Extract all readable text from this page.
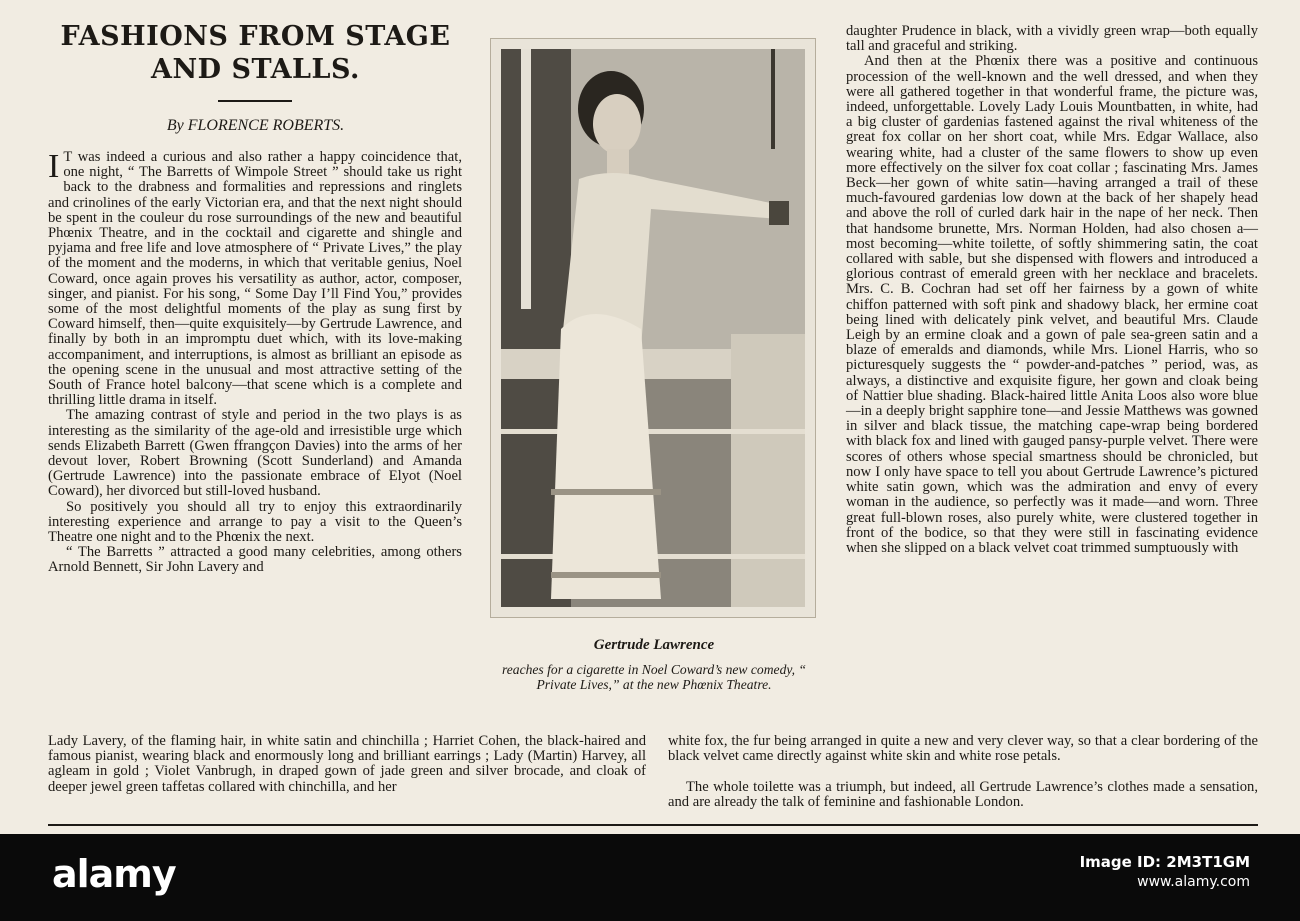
FASHIONS FROM STAGE AND STALLS.
By FLORENCE ROBERTS.

I T was indeed a curious and also rather a happy coincidence that, one night, “ The Barretts of Wimpole Street ” should take us right back to the drabness and formalities and repressions and ringlets and crinolines of the early Victorian era, and that the next night should be spent in the couleur du rose surroundings of the new and beautiful Phœnix Theatre, and in the cocktail and cigarette and shingle and pyjama and free life and love atmosphere of “ Private Lives,” the play of the moment and the moderns, in which that veritable genius, Noel Coward, once again proves his versatility as author, actor, composer, singer, and pianist. For his song, “ Some Day I’ll Find You,” provides some of the most delightful moments of the play as sung first by Coward himself, then—quite exquisitely—by Gertrude Lawrence, and finally by both in an impromptu duet which, with its love-making accompaniment, and interruptions, is almost as brilliant an episode as the opening scene in the unusual and most attractive setting of the South of France hotel balcony—that scene which is a complete and thrilling little drama in itself.

The amazing contrast of style and period in the two plays is as interesting as the similarity of the age-old and irresistible urge which sends Elizabeth Barrett (Gwen ffrangçon Davies) into the arms of her devout lover, Robert Browning (Scott Sunderland) and Amanda (Gertrude Lawrence) into the passionate embrace of Elyot (Noel Coward), her divorced but still-loved husband.

So positively you should all try to enjoy this extraordinarily interesting experience and arrange to pay a visit to the Queen’s Theatre one night and to the Phœnix the next.

“ The Barretts ” attracted a good many celebrities, among others Arnold Bennett, Sir John Lavery and

Gertrude Lawrence
reaches for a cigarette in Noel Coward’s new comedy, “ Private Lives,” at the new Phœnix Theatre.

daughter Prudence in black, with a vividly green wrap—both equally tall and graceful and striking.

And then at the Phœnix there was a positive and continuous procession of the well-known and the well dressed, and when they were all gathered together in that wonderful frame, the picture was, indeed, unforgettable. Lovely Lady Louis Mountbatten, in white, had a big cluster of gardenias fastened against the rival whiteness of the great fox collar on her short coat, while Mrs. Edgar Wallace, also wearing white, had a cluster of the same flowers to show up even more effectively on the silver fox coat collar ; fascinating Mrs. James Beck—her gown of white satin—having arranged a trail of these much-favoured gardenias low down at the back of her shapely head and above the roll of curled dark hair in the nape of her neck. Then that handsome brunette, Mrs. Norman Holden, had also chosen a—most becoming—white toilette, of softly shimmering satin, the coat collared with sable, but she dispensed with flowers and introduced a glorious contrast of emerald green with her necklace and bracelets. Mrs. C. B. Cochran had set off her fairness by a gown of white chiffon patterned with soft pink and shadowy black, her ermine coat being lined with delicately pink velvet, and beautiful Mrs. Claude Leigh by an ermine cloak and a gown of pale sea-green satin and a blaze of emeralds and diamonds, while Mrs. Lionel Harris, who so picturesquely suggests the “ powder-and-patches ” period, was, as always, a distinctive and exquisite figure, her gown and cloak being of Nattier blue shading. Black-haired little Anita Loos also wore blue—in a deeply bright sapphire tone—and Jessie Matthews was gowned in silver and black tissue, the matching cape-wrap being bordered with black fox and lined with gauged pansy-purple velvet. There were scores of others whose special smartness should be chronicled, but now I only have space to tell you about Gertrude Lawrence’s pictured white satin gown, which was the admiration and envy of every woman in the audience, so perfectly was it made—and worn. Three great full-blown roses, also purely white, were clustered together in front of the bodice, so that they were still in fascinating evidence when she slipped on a black velvet coat trimmed sumptuously with

Lady Lavery, of the flaming hair, in white satin and chinchilla ; Harriet Cohen, the black-haired and famous pianist, wearing black and enormously long and brilliant earrings ; Lady (Martin) Harvey, all agleam in gold ; Violet Vanbrugh, in draped gown of jade green and silver brocade, and cloak of deeper jewel green taffetas collared with chinchilla, and her

white fox, the fur being arranged in quite a new and very clever way, so that a clear bordering of the black velvet came directly against white skin and white rose petals.

The whole toilette was a triumph, but indeed, all Gertrude Lawrence’s clothes made a sensation, and are already the talk of feminine and fashionable London.

alamy	Image ID: 2M3T1GM
www.alamy.com
